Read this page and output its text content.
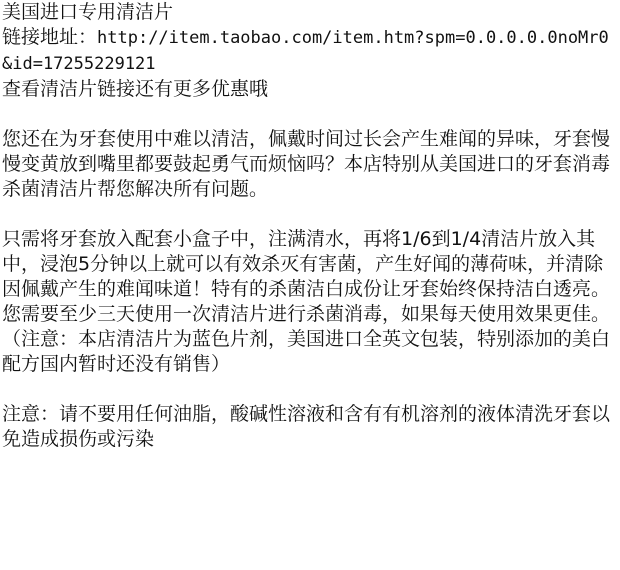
美国进口专用清洁片

链接地址：http://item.taobao.com/item.htm?spm=0.0.0.0.0noMr0&id=17255229121

查看清洁片链接还有更多优惠哦

您还在为牙套使用中难以清洁，佩戴时间过长会产生难闻的异味，牙套慢慢变黄放到嘴里都要鼓起勇气而烦恼吗？本店特别从美国进口的牙套消毒杀菌清洁片帮您解决所有问题。

只需将牙套放入配套小盒子中，注满清水，再将1/6到1/4清洁片放入其中，浸泡5分钟以上就可以有效杀灭有害菌，产生好闻的薄荷味，并清除因佩戴产生的难闻味道！特有的杀菌洁白成份让牙套始终保持洁白透亮。您需要至少三天使用一次清洁片进行杀菌消毒，如果每天使用效果更佳。（注意：本店清洁片为蓝色片剂，美国进口全英文包装，特别添加的美白配方国内暂时还没有销售）

注意：请不要用任何油脂，酸碱性溶液和含有有机溶剂的液体清洗牙套以免造成损伤或污染
